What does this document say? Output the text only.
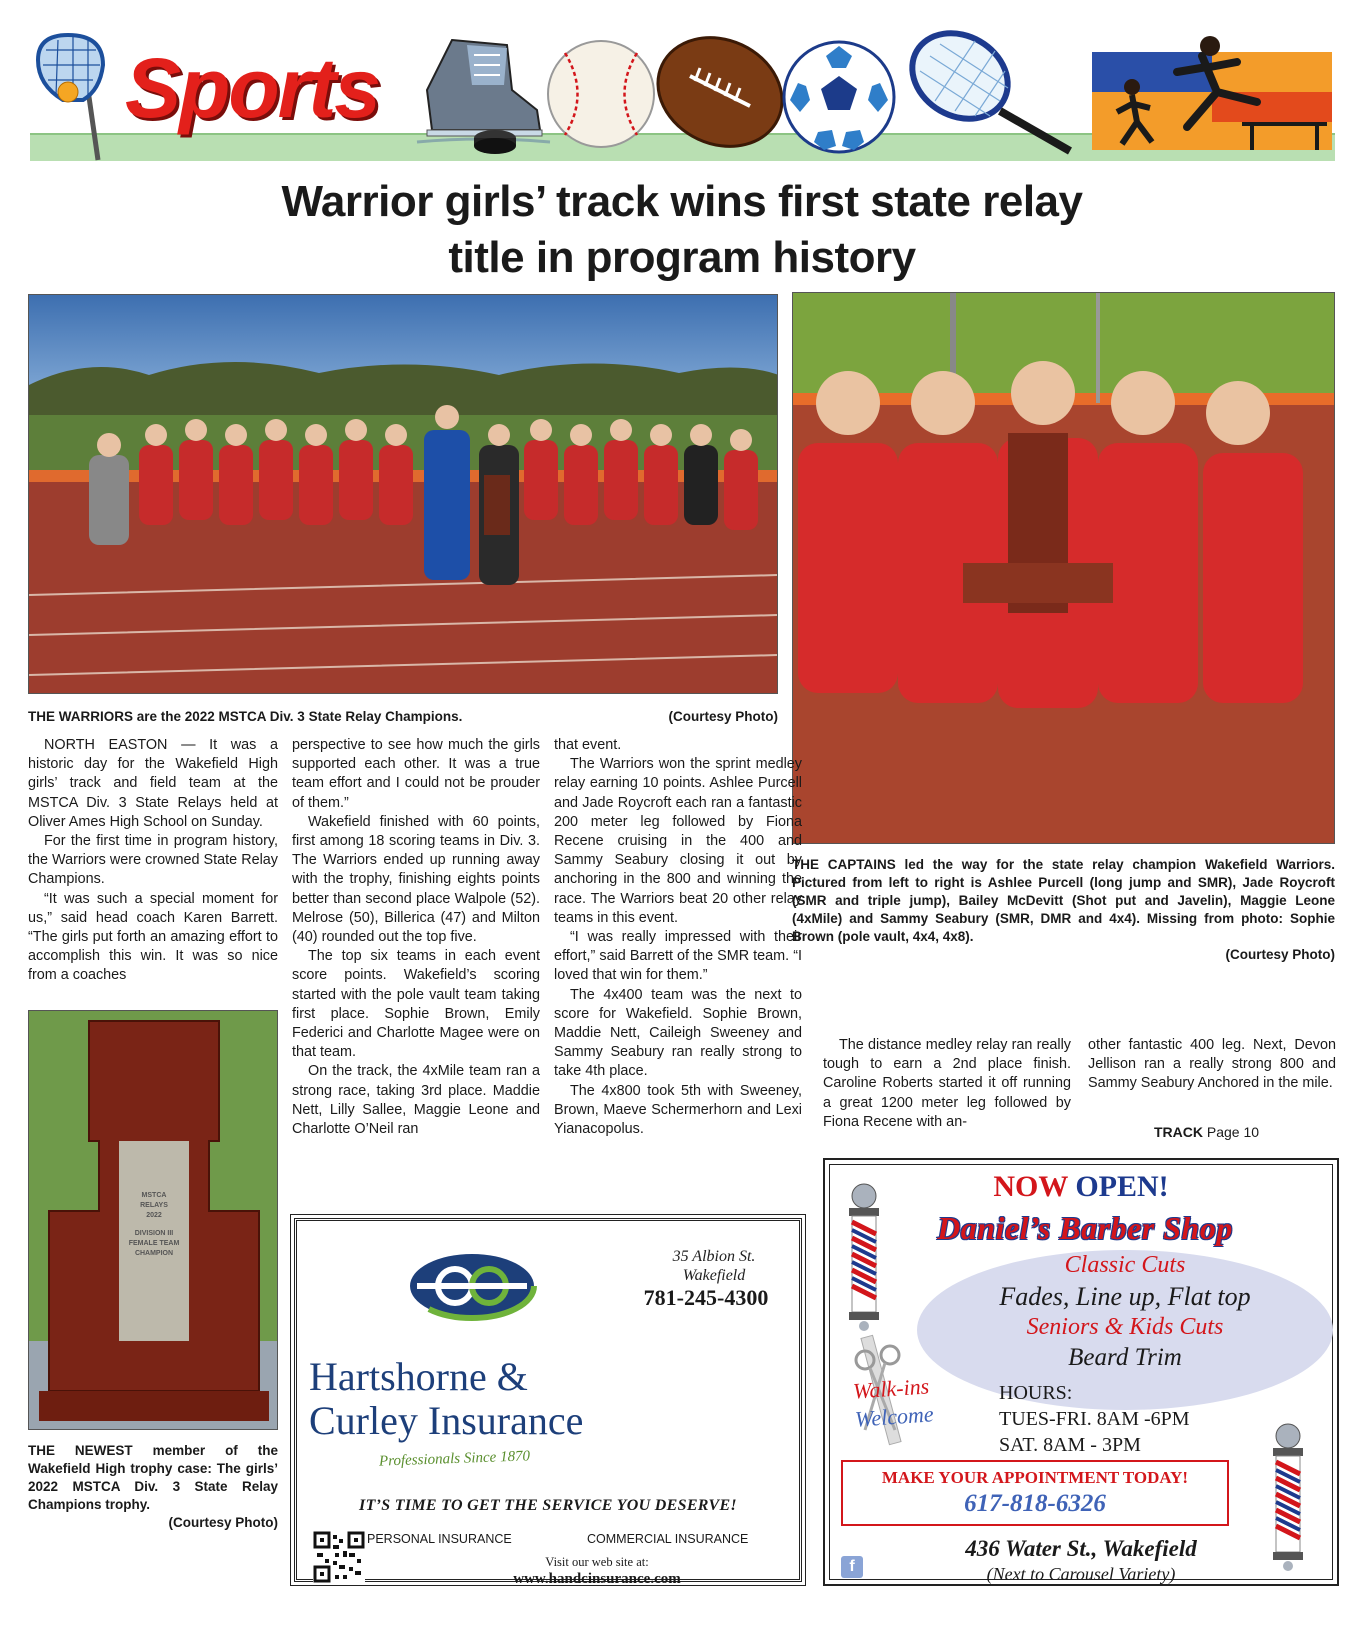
Sports
Warrior girls’ track wins first state relay
title in program history
THE WARRIORS are the 2022 MSTCA Div. 3 State Relay Champions.	(Courtesy Photo)
THE CAPTAINS led the way for the state relay champion Wakefield Warriors. Pictured from left to right is Ashlee Purcell (long jump and SMR), Jade Roycroft (SMR and triple jump), Bailey McDevitt (Shot put and Javelin), Maggie Leone (4xMile) and Sammy Seabury (SMR, DMR and 4x4). Missing from photo: Sophie Brown (pole vault, 4x4, 4x8).
(Courtesy Photo)
MSTCA
RELAYS
2022
DIVISION III
FEMALE TEAM
CHAMPION
THE NEWEST member of the Wakefield High trophy case: The girls’ 2022 MSTCA Div. 3 State Relay Champions trophy.
(Courtesy Photo)

NORTH EASTON — It was a historic day for the Wakefield High girls’ track and field team at the MSTCA Div. 3 State Relays held at Oliver Ames High School on Sunday.

For the first time in program history, the Warriors were crowned State Relay Champions.

“It was such a special moment for us,” said head coach Karen Barrett. “The girls put forth an amazing effort to accomplish this win. It was so nice from a coaches

perspective to see how much the girls supported each other. It was a true team effort and I could not be prouder of them.”

Wakefield finished with 60 points, first among 18 scoring teams in Div. 3. The Warriors ended up running away with the trophy, finishing eights points better than second place Walpole (52). Melrose (50), Billerica (47) and Milton (40) rounded out the top five.

The top six teams in each event score points. Wakefield’s scoring started with the pole vault team taking first place. Sophie Brown, Emily Federici and Charlotte Magee were on that team.

On the track, the 4xMile team ran a strong race, taking 3rd place. Maddie Nett, Lilly Sallee, Maggie Leone and Charlotte O’Neil ran

that event.

The Warriors won the sprint medley relay earning 10 points. Ashlee Purcell and Jade Roycroft each ran a fantastic 200 meter leg followed by Fiona Recene cruising in the 400 and Sammy Seabury closing it out by anchoring in the 800 and winning the race. The Warriors beat 20 other relay teams in this event.

“I was really impressed with their effort,” said Barrett of the SMR team. “I loved that win for them.”

The 4x400 team was the next to score for Wakefield. Sophie Brown, Maddie Nett, Caileigh Sweeney and Sammy Seabury ran really strong to take 4th place.

The 4x800 took 5th with Sweeney, Brown, Maeve Schermerhorn and Lexi Yianacopolus.

The distance medley relay ran really tough to earn a 2nd place finish. Caroline Roberts started it off running a great 1200 meter leg followed by Fiona Recene with an-

other fantastic 400 leg. Next, Devon Jellison ran a really strong 800 and Sammy Seabury Anchored in the mile.

TRACK Page 10
35 Albion St.
Wakefield
781-245-4300
Hartshorne &
Curley Insurance
Professionals Since 1870
IT’S TIME TO GET THE SERVICE YOU DESERVE!
PERSONAL INSURANCE	COMMERCIAL INSURANCE
Visit our web site at:
www.handcinsurance.com
NOW OPEN!
Daniel’s Barber Shop
Classic Cuts
Fades, Line up, Flat top
Seniors & Kids Cuts
Beard Trim
Walk-ins
Welcome
HOURS:
TUES-FRI. 8AM -6PM
SAT. 8AM - 3PM
MAKE YOUR APPOINTMENT TODAY!
617-818-6326
f
436 Water St., Wakefield
(Next to Carousel Variety)
